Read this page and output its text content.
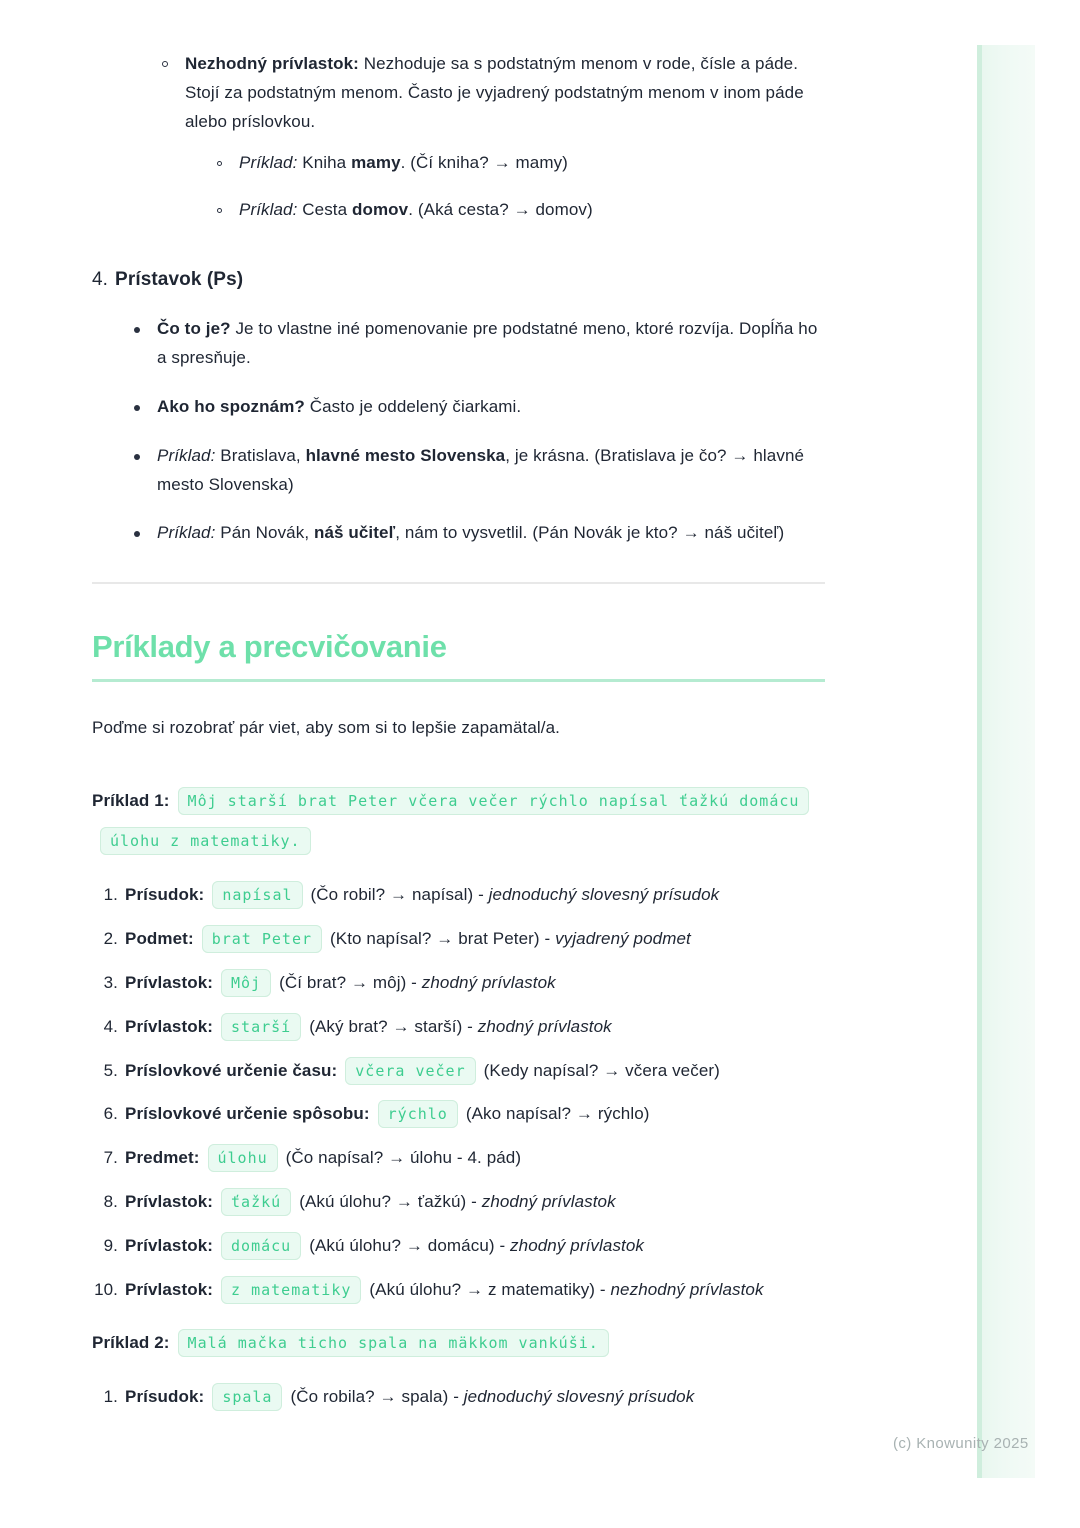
(c) Knowunity 2025
Nezhodný prívlastok: Nezhoduje sa s podstatným menom v rode, čísle a páde. Stojí za podstatným menom. Často je vyjadrený podstatným menom v inom páde alebo príslovkou.
Príklad: Kniha mamy. (Čí kniha? → mamy)
Príklad: Cesta domov. (Aká cesta? → domov)
4. Prístavok (Ps)
Čo to je? Je to vlastne iné pomenovanie pre podstatné meno, ktoré rozvíja. Dopĺňa ho a spresňuje.
Ako ho spoznám? Často je oddelený čiarkami.
Príklad: Bratislava, hlavné mesto Slovenska, je krásna. (Bratislava je čo? → hlavné mesto Slovenska)
Príklad: Pán Novák, náš učiteľ, nám to vysvetlil. (Pán Novák je kto? → náš učiteľ)
Príklady a precvičovanie

Poďme si rozobrať pár viet, aby som si to lepšie zapamätal/a.

Príklad 1: Môj starší brat Peter včera večer rýchlo napísal ťažkú domácu úlohu z matematiky.

1. Prísudok: napísal (Čo robil? → napísal) - jednoduchý slovesný prísudok
2. Podmet: brat Peter (Kto napísal? → brat Peter) - vyjadrený podmet
3. Prívlastok: Môj (Čí brat? → môj) - zhodný prívlastok
4. Prívlastok: starší (Aký brat? → starší) - zhodný prívlastok
5. Príslovkové určenie času: včera večer (Kedy napísal? → včera večer)
6. Príslovkové určenie spôsobu: rýchlo (Ako napísal? → rýchlo)
7. Predmet: úlohu (Čo napísal? → úlohu - 4. pád)
8. Prívlastok: ťažkú (Akú úlohu? → ťažkú) - zhodný prívlastok
9. Prívlastok: domácu (Akú úlohu? → domácu) - zhodný prívlastok
10. Prívlastok: z matematiky (Akú úlohu? → z matematiky) - nezhodný prívlastok

Príklad 2: Malá mačka ticho spala na mäkkom vankúši.

1. Prísudok: spala (Čo robila? → spala) - jednoduchý slovesný prísudok
